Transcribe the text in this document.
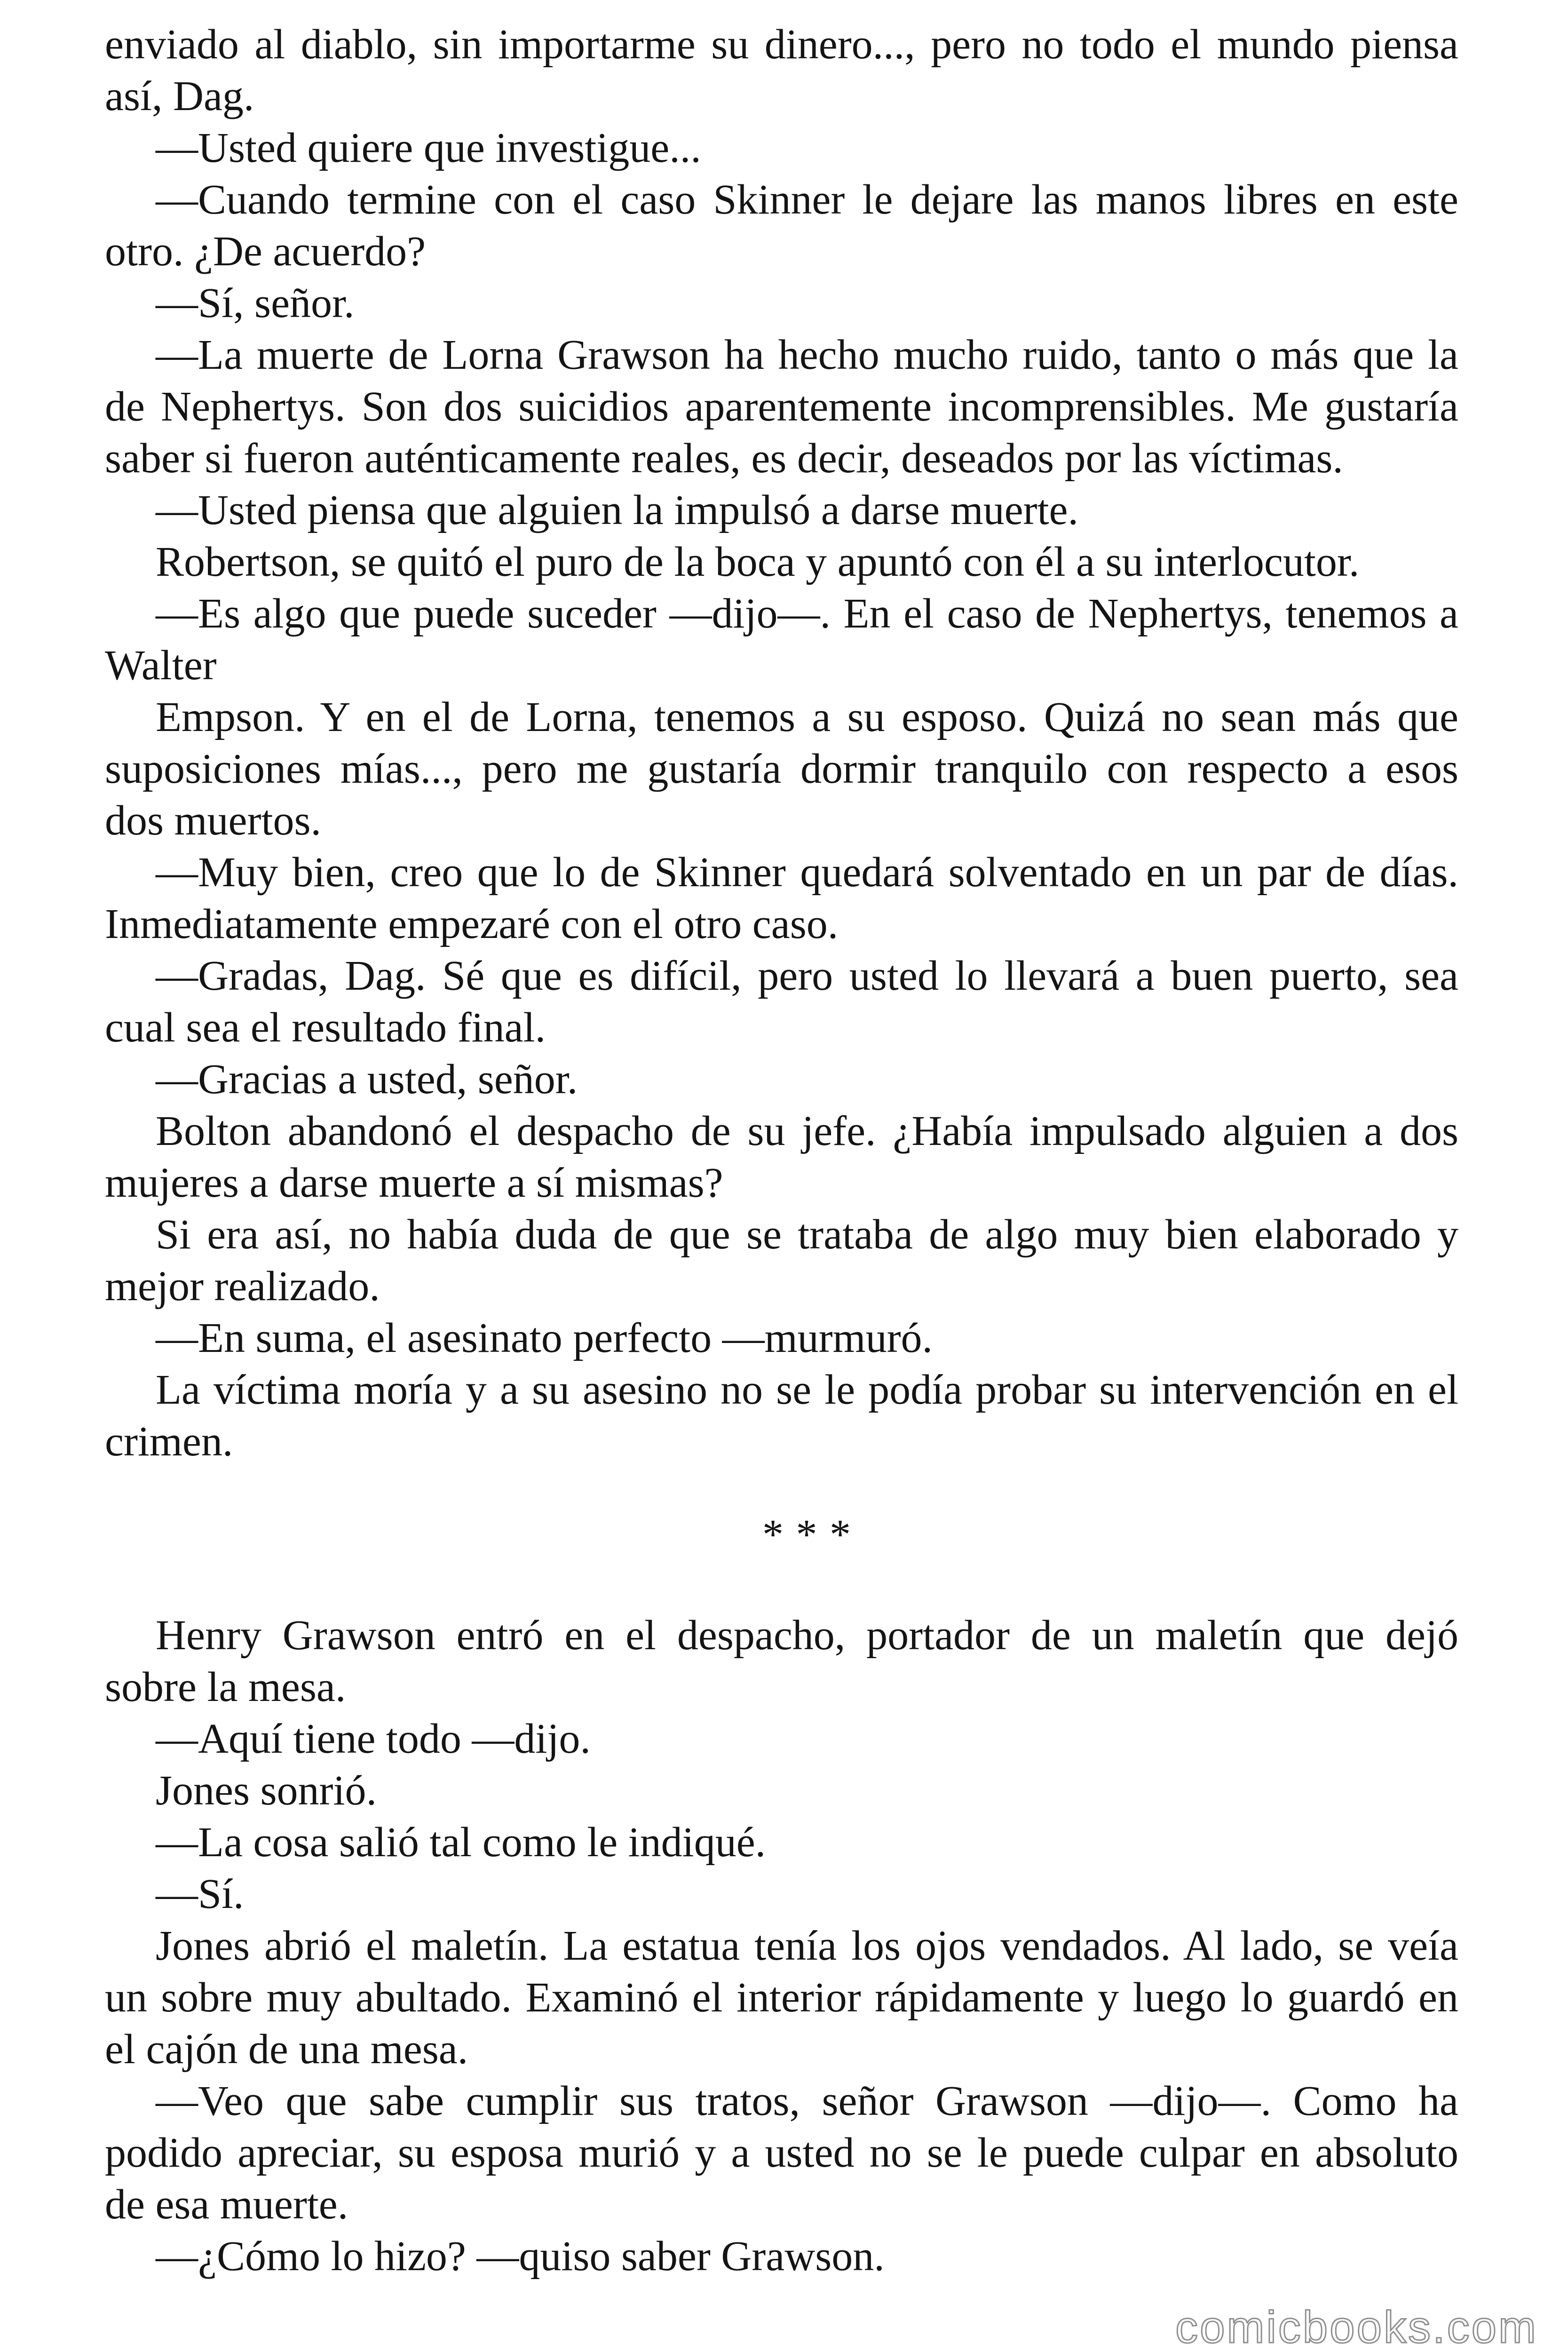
enviado al diablo, sin importarme su dinero..., pero no todo el mundo piensa
así, Dag.
—Usted quiere que investigue...
—Cuando termine con el caso Skinner le dejare las manos libres en este
otro. ¿De acuerdo?
—Sí, señor.
—La muerte de Lorna Grawson ha hecho mucho ruido, tanto o más que la
de Nephertys. Son dos suicidios aparentemente incomprensibles. Me gustaría
saber si fueron auténticamente reales, es decir, deseados por las víctimas.
—Usted piensa que alguien la impulsó a darse muerte.
Robertson, se quitó el puro de la boca y apuntó con él a su interlocutor.
—Es algo que puede suceder —dijo—. En el caso de Nephertys, tenemos a
Walter
Empson. Y en el de Lorna, tenemos a su esposo. Quizá no sean más que
suposiciones mías..., pero me gustaría dormir tranquilo con respecto a esos
dos muertos.
—Muy bien, creo que lo de Skinner quedará solventado en un par de días.
Inmediatamente empezaré con el otro caso.
—Gradas, Dag. Sé que es difícil, pero usted lo llevará a buen puerto, sea
cual sea el resultado final.
—Gracias a usted, señor.
Bolton abandonó el despacho de su jefe. ¿Había impulsado alguien a dos
mujeres a darse muerte a sí mismas?
Si era así, no había duda de que se trataba de algo muy bien elaborado y
mejor realizado.
—En suma, el asesinato perfecto —murmuró.
La víctima moría y a su asesino no se le podía probar su intervención en el
crimen.
* * *
Henry Grawson entró en el despacho, portador de un maletín que dejó
sobre la mesa.
—Aquí tiene todo —dijo.
Jones sonrió.
—La cosa salió tal como le indiqué.
—Sí.
Jones abrió el maletín. La estatua tenía los ojos vendados. Al lado, se veía
un sobre muy abultado. Examinó el interior rápidamente y luego lo guardó en
el cajón de una mesa.
—Veo que sabe cumplir sus tratos, señor Grawson —dijo—. Como ha
podido apreciar, su esposa murió y a usted no se le puede culpar en absoluto
de esa muerte.
—¿Cómo lo hizo? —quiso saber Grawson.
comicbooks.com
